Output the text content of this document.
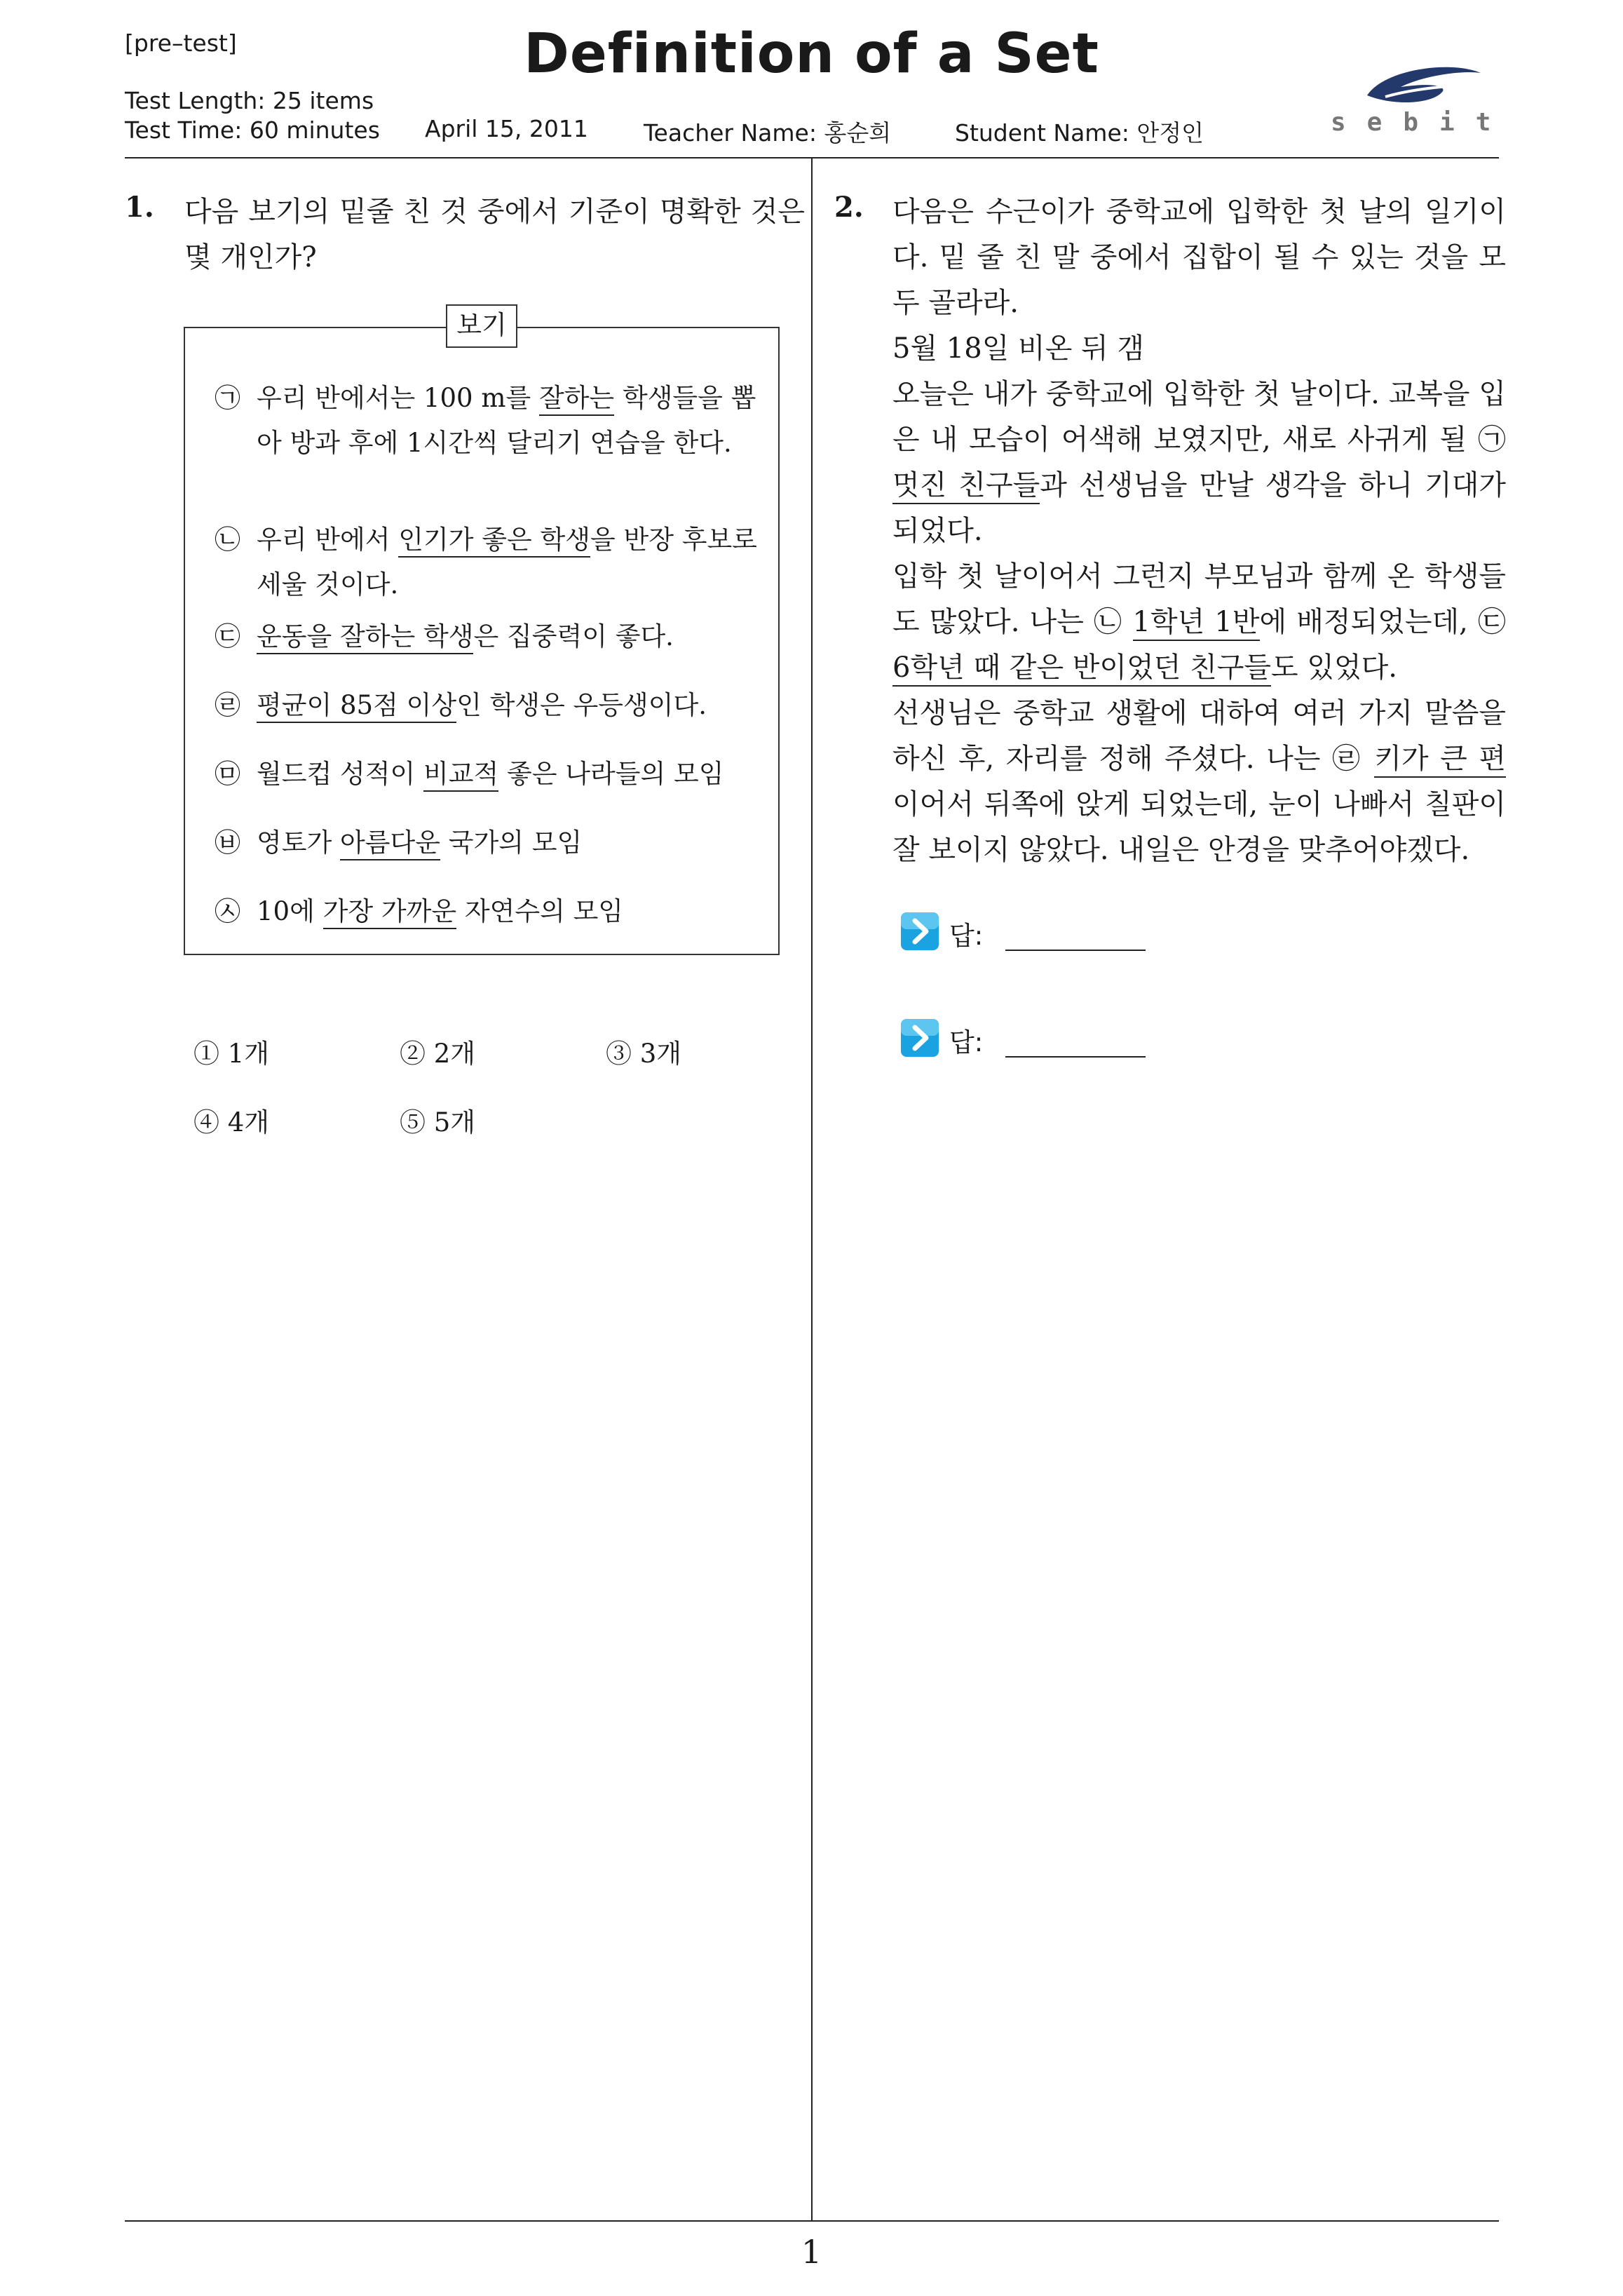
[pre–test]	Definition of a Set
Test Length: 25 items
Test Time: 60 minutes April 15, 2011 Teacher Name: 홍순희	Student Name: 안정인	sebit
1
1. 다음 보기의 밑줄 친 것 중에서 기준이 명확한 것은 몇 개인가?
보기
㉠ 우리 반에서는 100 m를 잘하는 학생들을 뽑아 방과 후에 1시간씩 달리기 연습을 한다.
㉡ 우리 반에서 인기가 좋은 학생을 반장 후보로 세울 것이다.
㉢ 운동을 잘하는 학생은 집중력이 좋다.
㉣ 평균이 85점 이상인 학생은 우등생이다.
㉤ 월드컵 성적이 비교적 좋은 나라들의 모임
㉥ 영토가 아름다운 국가의 모임
㉦ 10에 가장 가까운 자연수의 모임
① 1개	② 2개	③ 3개
④ 4개	⑤ 5개
2. 다음은 수근이가 중학교에 입학한 첫 날의 일기이다. 밑 줄 친 말 중에서 집합이 될 수 있는 것을 모두 골라라.
5월 18일 비온 뒤 갬
오늘은 내가 중학교에 입학한 첫 날이다. 교복을 입은 내 모습이 어색해 보였지만, 새로 사귀게 될 ㉠ 멋진 친구들과 선생님을 만날 생각을 하니 기대가 되었다.
입학 첫 날이어서 그런지 부모님과 함께 온 학생들도 많았다. 나는 ㉡ 1학년 1반에 배정되었는데, ㉢ 6학년 때 같은 반이었던 친구들도 있었다.
선생님은 중학교 생활에 대하여 여러 가지 말씀을 하신 후, 자리를 정해 주셨다. 나는 ㉣ 키가 큰 편이어서 뒤쪽에 앉게 되었는데, 눈이 나빠서 칠판이 잘 보이지 않았다. 내일은 안경을 맞추어야겠다.
답:
답:
